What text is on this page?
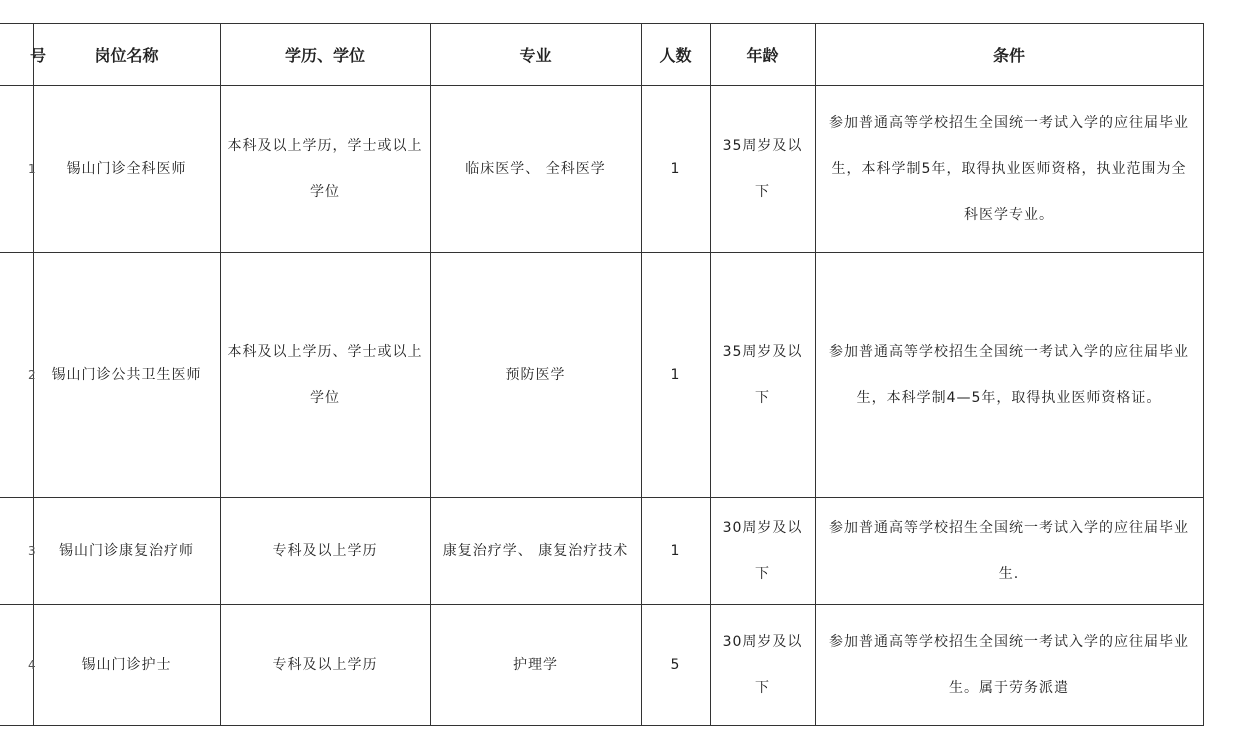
号	岗位名称	学历、学位	专业	人数	年龄	条件
1	锡山门诊全科医师	本科及以上学历，学士或以上学位	临床医学、 全科医学	1	35周岁及以下	参加普通高等学校招生全国统一考试入学的应往届毕业生，本科学制5年，取得执业医师资格，执业范围为全科医学专业。
2	锡山门诊公共卫生医师	本科及以上学历、学士或以上学位	预防医学	1	35周岁及以下	参加普通高等学校招生全国统一考试入学的应往届毕业生，本科学制4—5年，取得执业医师资格证。
3	锡山门诊康复治疗师	专科及以上学历	康复治疗学、 康复治疗技术	1	30周岁及以下	参加普通高等学校招生全国统一考试入学的应往届毕业生.
4	锡山门诊护士	专科及以上学历	护理学	5	30周岁及以下	参加普通高等学校招生全国统一考试入学的应往届毕业生。属于劳务派遣
